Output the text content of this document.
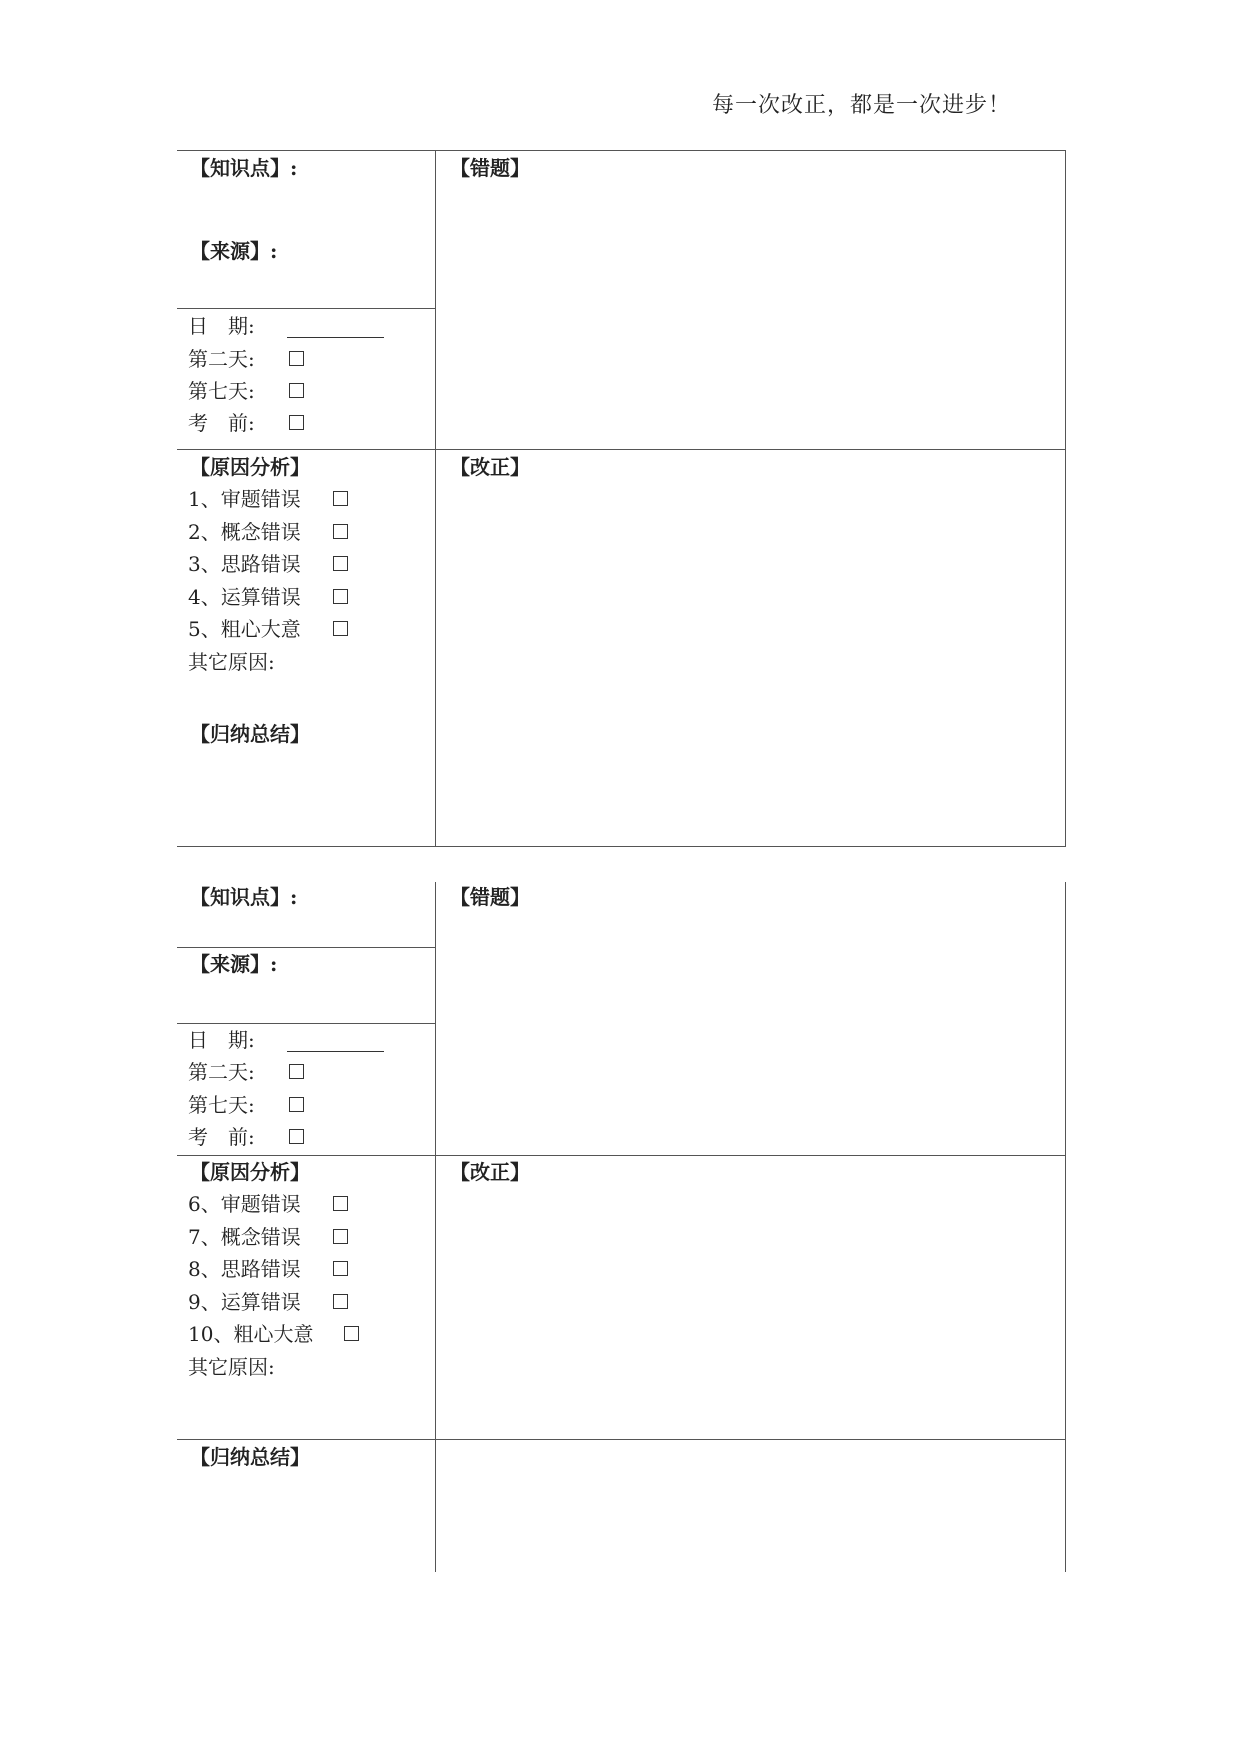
每一次改正，都是一次进步！
【知识点】:
【来源】:
【错题】
日　期:
第二天:
第七天:
考　前:
【原因分析】
1、审题错误
2、概念错误
3、思路错误
4、运算错误
5、粗心大意
其它原因:
【归纳总结】
【改正】
【知识点】:
【来源】:
【错题】
日　期:
第二天:
第七天:
考　前:
【原因分析】
6、审题错误
7、概念错误
8、思路错误
9、运算错误
10、粗心大意
其它原因:
【改正】
【归纳总结】
